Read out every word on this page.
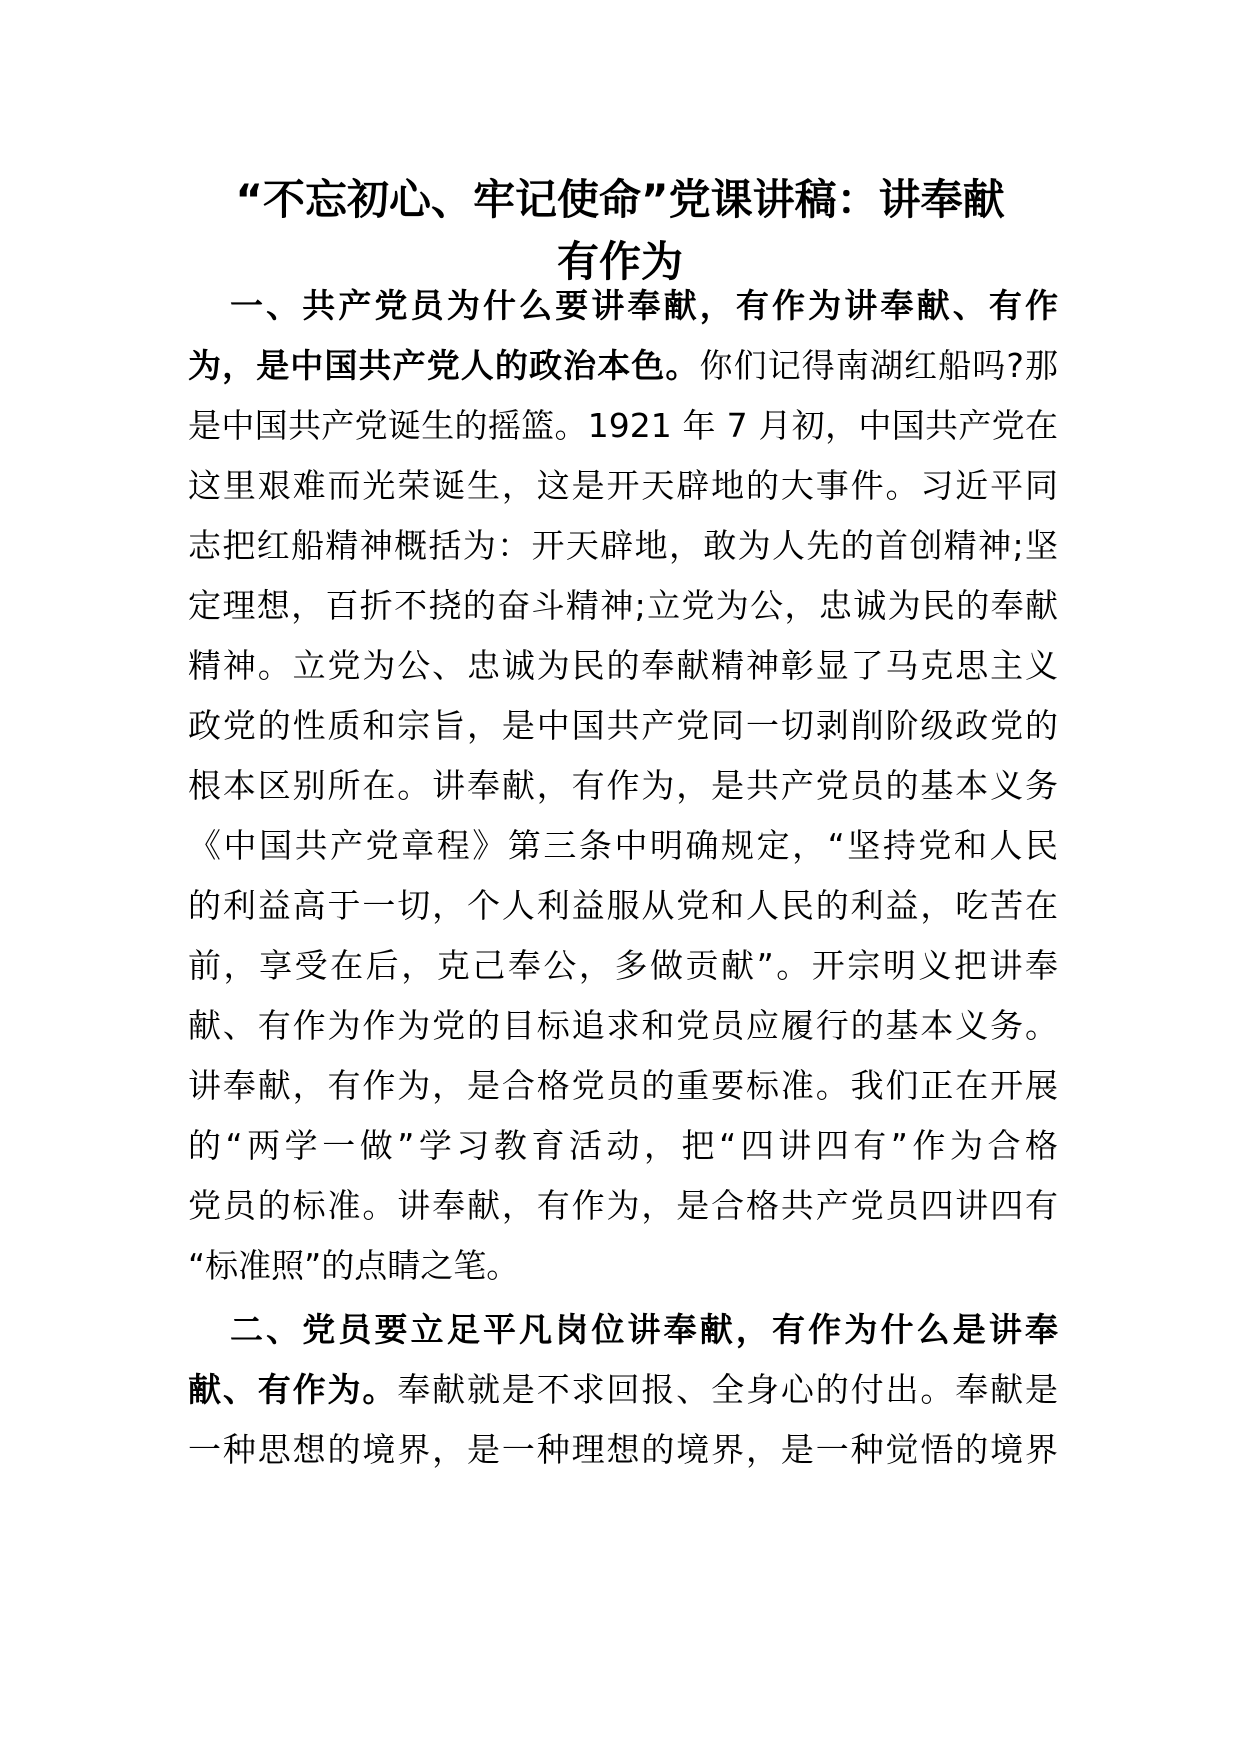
“不忘初心、牢记使命”党课讲稿：讲奉献
有作为

一、共产党员为什么要讲奉献，有作为讲奉献、有作

为，是中国共产党人的政治本色。你们记得南湖红船吗?那

是中国共产党诞生的摇篮。1921 年 7 月初，中国共产党在

这里艰难而光荣诞生，这是开天辟地的大事件。习近平同

志把红船精神概括为：开天辟地，敢为人先的首创精神;坚

定理想，百折不挠的奋斗精神;立党为公，忠诚为民的奉献

精神。立党为公、忠诚为民的奉献精神彰显了马克思主义

政党的性质和宗旨，是中国共产党同一切剥削阶级政党的

根本区别所在。讲奉献，有作为，是共产党员的基本义务

《中国共产党章程》第三条中明确规定，“坚持党和人民

的利益高于一切，个人利益服从党和人民的利益，吃苦在

前，享受在后，克己奉公，多做贡献”。开宗明义把讲奉

献、有作为作为党的目标追求和党员应履行的基本义务。

讲奉献，有作为，是合格党员的重要标准。我们正在开展

的“两学一做”学习教育活动，把“四讲四有”作为合格

党员的标准。讲奉献，有作为，是合格共产党员四讲四有

“标准照”的点睛之笔。

二、党员要立足平凡岗位讲奉献，有作为什么是讲奉

献、有作为。奉献就是不求回报、全身心的付出。奉献是

一种思想的境界，是一种理想的境界，是一种觉悟的境界
